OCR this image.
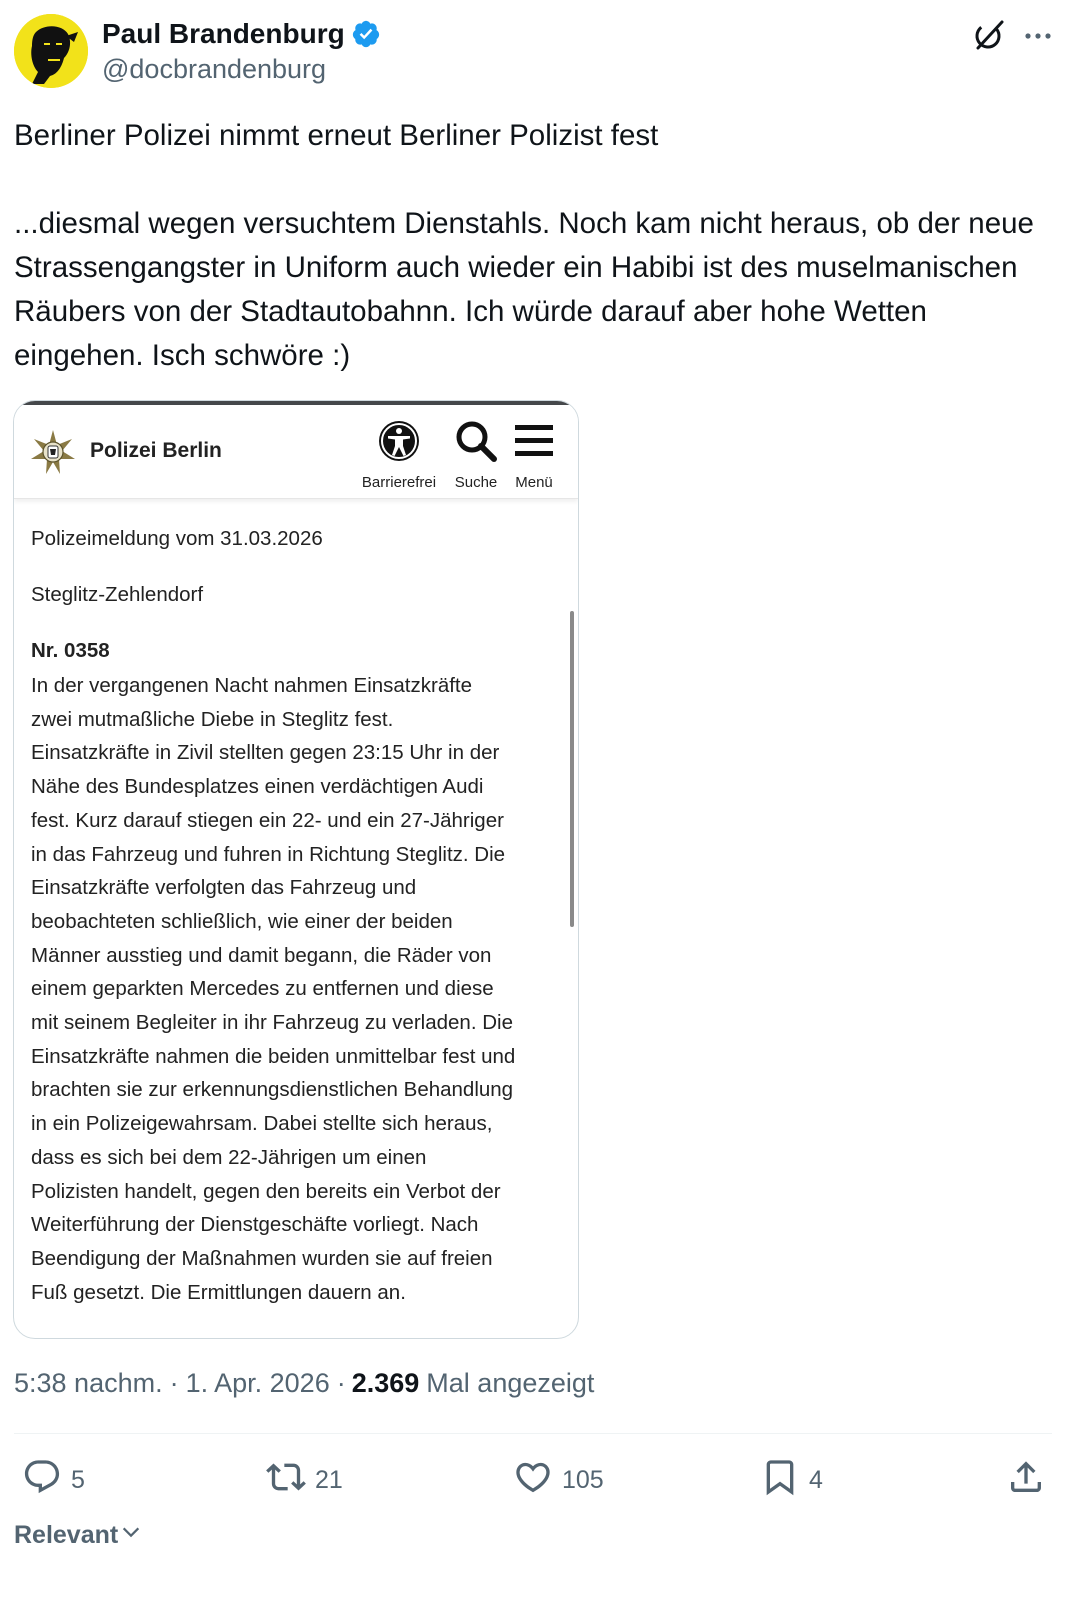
Paul Brandenburg
@docbrandenburg
Berliner Polizei nimmt erneut Berliner Polizist fest

...diesmal wegen versuchtem Dienstahls. Noch kam nicht heraus, ob der neue Strassengangster in Uniform auch wieder ein Habibi ist des muselmanischen Räubers von der Stadtautobahnn. Ich würde darauf aber hohe Wetten eingehen. Isch schwöre :)
Polizei Berlin
Barrierefrei Suche Menü
Polizeimeldung vom 31.03.2026
Steglitz-Zehlendorf
Nr. 0358
In der vergangenen Nacht nahmen Einsatzkräfte
zwei mutmaßliche Diebe in Steglitz fest.
Einsatzkräfte in Zivil stellten gegen 23:15 Uhr in der
Nähe des Bundesplatzes einen verdächtigen Audi
fest. Kurz darauf stiegen ein 22- und ein 27-Jähriger
in das Fahrzeug und fuhren in Richtung Steglitz. Die
Einsatzkräfte verfolgten das Fahrzeug und
beobachteten schließlich, wie einer der beiden
Männer ausstieg und damit begann, die Räder von
einem geparkten Mercedes zu entfernen und diese
mit seinem Begleiter in ihr Fahrzeug zu verladen. Die
Einsatzkräfte nahmen die beiden unmittelbar fest und
brachten sie zur erkennungsdienstlichen Behandlung
in ein Polizeigewahrsam. Dabei stellte sich heraus,
dass es sich bei dem 22-Jährigen um einen
Polizisten handelt, gegen den bereits ein Verbot der
Weiterführung der Dienstgeschäfte vorliegt. Nach
Beendigung der Maßnahmen wurden sie auf freien
Fuß gesetzt. Die Ermittlungen dauern an.
5:38 nachm. · 1. Apr. 2026 · 2.369 Mal angezeigt
5	21	105	4
Relevant
